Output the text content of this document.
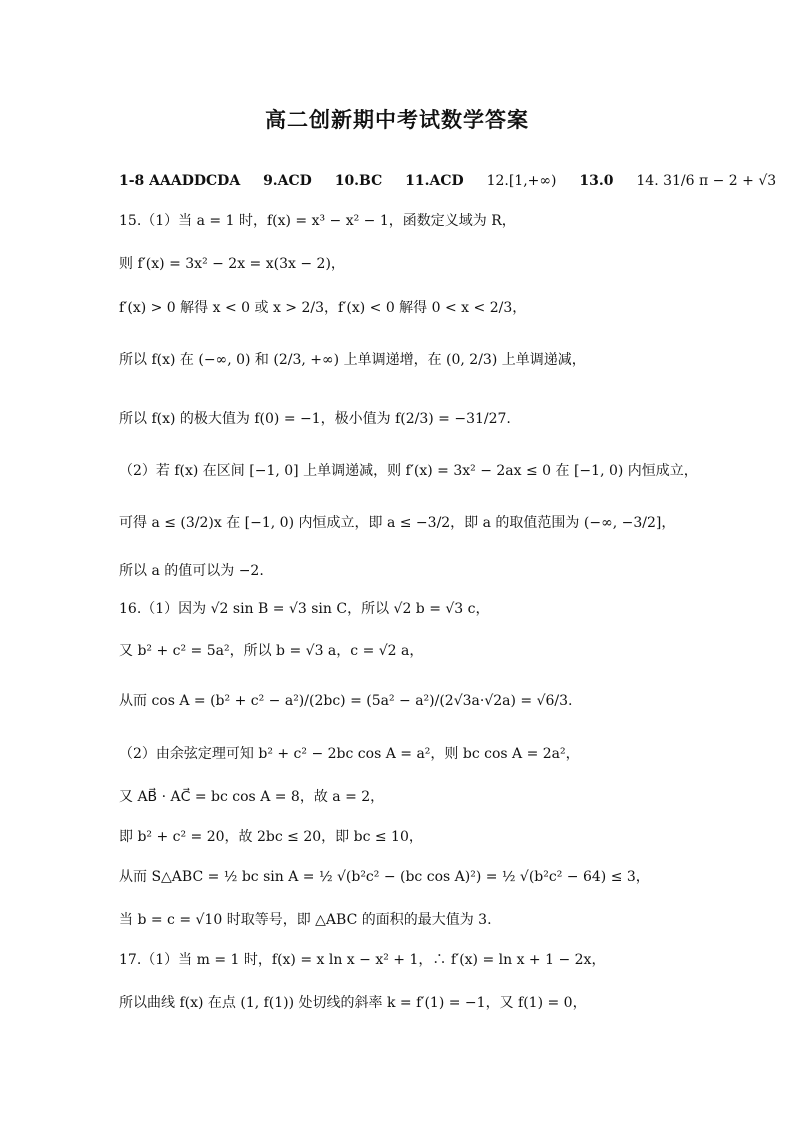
高二创新期中考试数学答案
1-8 AAADDCDA 9.ACD 10.BC 11.ACD 12.[1,+∞) 13.0 14. 31/6 π − 2 + √3
15.（1）当 a = 1 时，f(x) = x³ − x² − 1，函数定义域为 R，
则 f′(x) = 3x² − 2x = x(3x − 2)，
f′(x) > 0 解得 x < 0 或 x > 2/3，f′(x) < 0 解得 0 < x < 2/3，
所以 f(x) 在 (−∞, 0) 和 (2/3, +∞) 上单调递增，在 (0, 2/3) 上单调递减，
所以 f(x) 的极大值为 f(0) = −1，极小值为 f(2/3) = −31/27.
（2）若 f(x) 在区间 [−1, 0] 上单调递减，则 f′(x) = 3x² − 2ax ≤ 0 在 [−1, 0) 内恒成立，
可得 a ≤ (3/2)x 在 [−1, 0) 内恒成立，即 a ≤ −3/2，即 a 的取值范围为 (−∞, −3/2]，
所以 a 的值可以为 −2.
16.（1）因为 √2 sin B = √3 sin C，所以 √2 b = √3 c，
又 b² + c² = 5a²，所以 b = √3 a，c = √2 a，
从而 cos A = (b² + c² − a²)/(2bc) = (5a² − a²)/(2√3a·√2a) = √6/3.
（2）由余弦定理可知 b² + c² − 2bc cos A = a²，则 bc cos A = 2a²，
又 AB⃗ · AC⃗ = bc cos A = 8，故 a = 2，
即 b² + c² = 20，故 2bc ≤ 20，即 bc ≤ 10，
从而 S△ABC = ½ bc sin A = ½ √(b²c² − (bc cos A)²) = ½ √(b²c² − 64) ≤ 3，
当 b = c = √10 时取等号，即 △ABC 的面积的最大值为 3.
17.（1）当 m = 1 时，f(x) = x ln x − x² + 1，∴ f′(x) = ln x + 1 − 2x，
所以曲线 f(x) 在点 (1, f(1)) 处切线的斜率 k = f′(1) = −1，又 f(1) = 0，
